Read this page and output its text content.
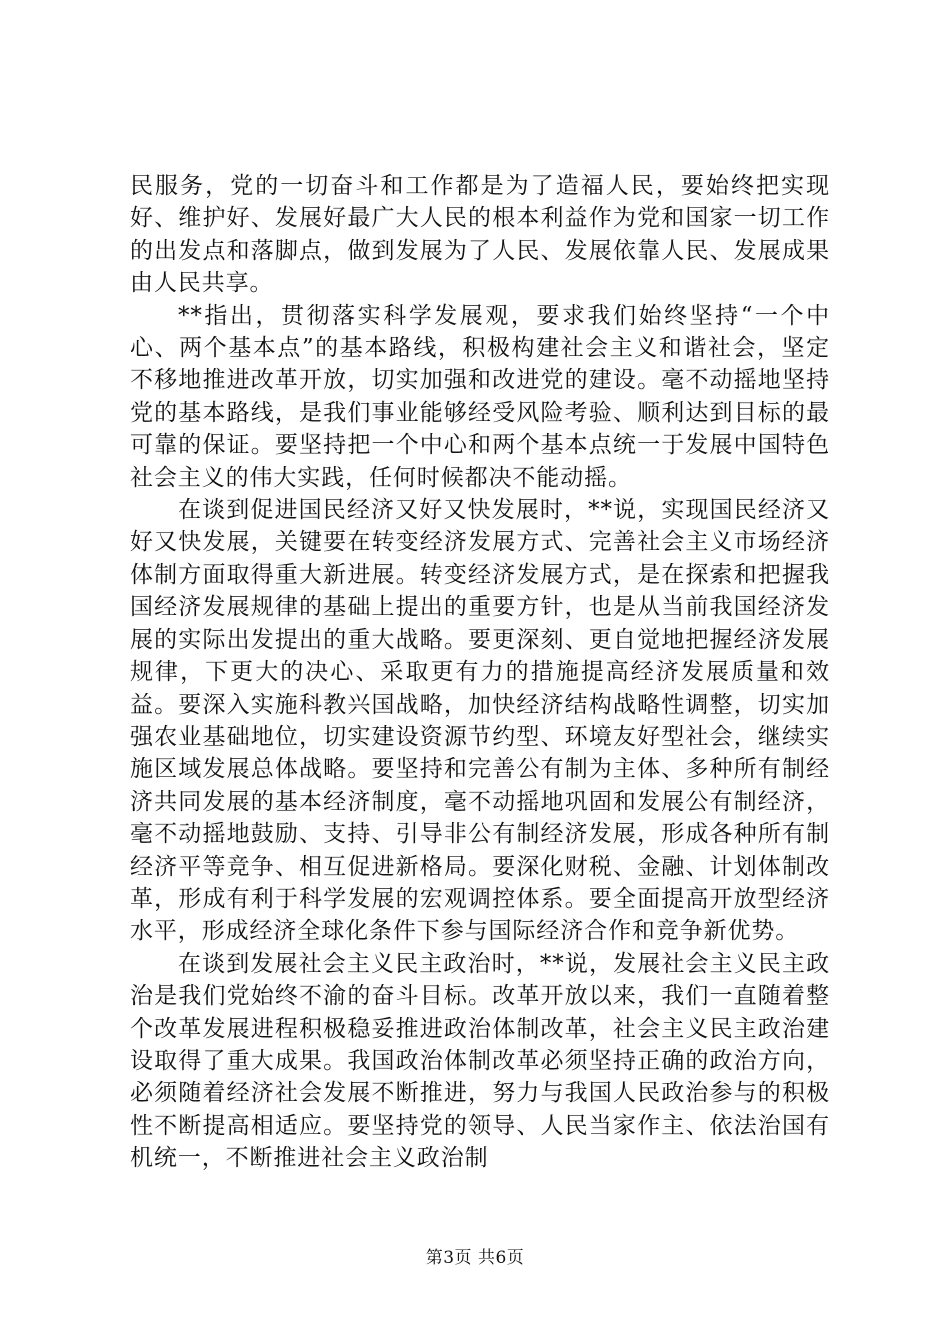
民服务，党的一切奋斗和工作都是为了造福人民，要始终把实现好、维护好、发展好最广大人民的根本利益作为党和国家一切工作的出发点和落脚点，做到发展为了人民、发展依靠人民、发展成果由人民共享。

**指出，贯彻落实科学发展观，要求我们始终坚持“一个中心、两个基本点”的基本路线，积极构建社会主义和谐社会，坚定不移地推进改革开放，切实加强和改进党的建设。毫不动摇地坚持党的基本路线，是我们事业能够经受风险考验、顺利达到目标的最可靠的保证。要坚持把一个中心和两个基本点统一于发展中国特色社会主义的伟大实践，任何时候都决不能动摇。

在谈到促进国民经济又好又快发展时，**说，实现国民经济又好又快发展，关键要在转变经济发展方式、完善社会主义市场经济体制方面取得重大新进展。转变经济发展方式，是在探索和把握我国经济发展规律的基础上提出的重要方针，也是从当前我国经济发展的实际出发提出的重大战略。要更深刻、更自觉地把握经济发展规律，下更大的决心、采取更有力的措施提高经济发展质量和效益。要深入实施科教兴国战略，加快经济结构战略性调整，切实加强农业基础地位，切实建设资源节约型、环境友好型社会，继续实施区域发展总体战略。要坚持和完善公有制为主体、多种所有制经济共同发展的基本经济制度，毫不动摇地巩固和发展公有制经济，毫不动摇地鼓励、支持、引导非公有制经济发展，形成各种所有制经济平等竞争、相互促进新格局。要深化财税、金融、计划体制改革，形成有利于科学发展的宏观调控体系。要全面提高开放型经济水平，形成经济全球化条件下参与国际经济合作和竞争新优势。

在谈到发展社会主义民主政治时，**说，发展社会主义民主政治是我们党始终不渝的奋斗目标。改革开放以来，我们一直随着整个改革发展进程积极稳妥推进政治体制改革，社会主义民主政治建设取得了重大成果。我国政治体制改革必须坚持正确的政治方向，必须随着经济社会发展不断推进，努力与我国人民政治参与的积极性不断提高相适应。要坚持党的领导、人民当家作主、依法治国有机统一，不断推进社会主义政治制

第3页 共6页
